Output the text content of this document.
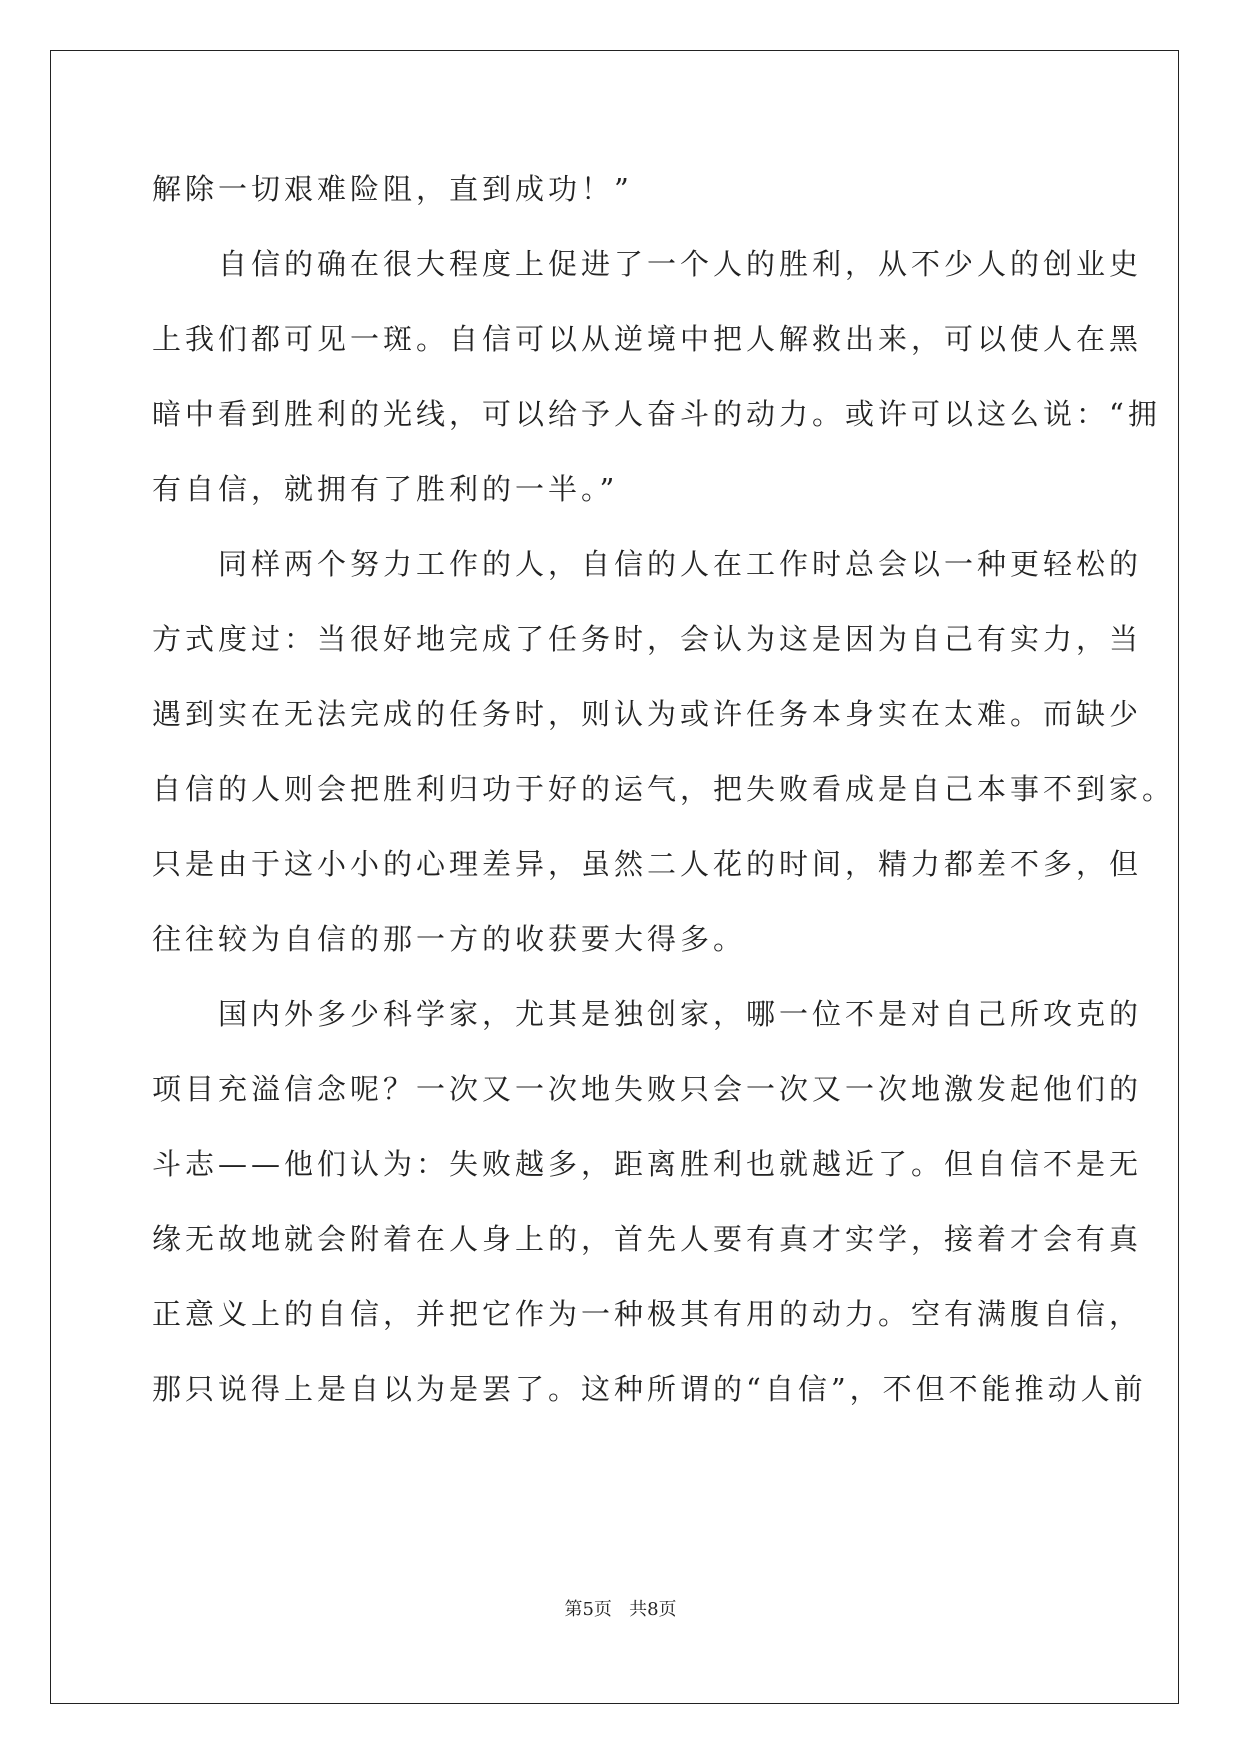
解除一切艰难险阻，直到成功！”
　　自信的确在很大程度上促进了一个人的胜利，从不少人的创业史
上我们都可见一斑。自信可以从逆境中把人解救出来，可以使人在黑
暗中看到胜利的光线，可以给予人奋斗的动力。或许可以这么说：“拥
有自信，就拥有了胜利的一半。”
　　同样两个努力工作的人，自信的人在工作时总会以一种更轻松的
方式度过：当很好地完成了任务时，会认为这是因为自己有实力，当
遇到实在无法完成的任务时，则认为或许任务本身实在太难。而缺少
自信的人则会把胜利归功于好的运气，把失败看成是自己本事不到家。
只是由于这小小的心理差异，虽然二人花的时间，精力都差不多，但
往往较为自信的那一方的收获要大得多。
　　国内外多少科学家，尤其是独创家，哪一位不是对自己所攻克的
项目充溢信念呢？一次又一次地失败只会一次又一次地激发起他们的
斗志——他们认为：失败越多，距离胜利也就越近了。但自信不是无
缘无故地就会附着在人身上的，首先人要有真才实学，接着才会有真
正意义上的自信，并把它作为一种极其有用的动力。空有满腹自信，
那只说得上是自以为是罢了。这种所谓的“自信”，不但不能推动人前
第5页 共8页
